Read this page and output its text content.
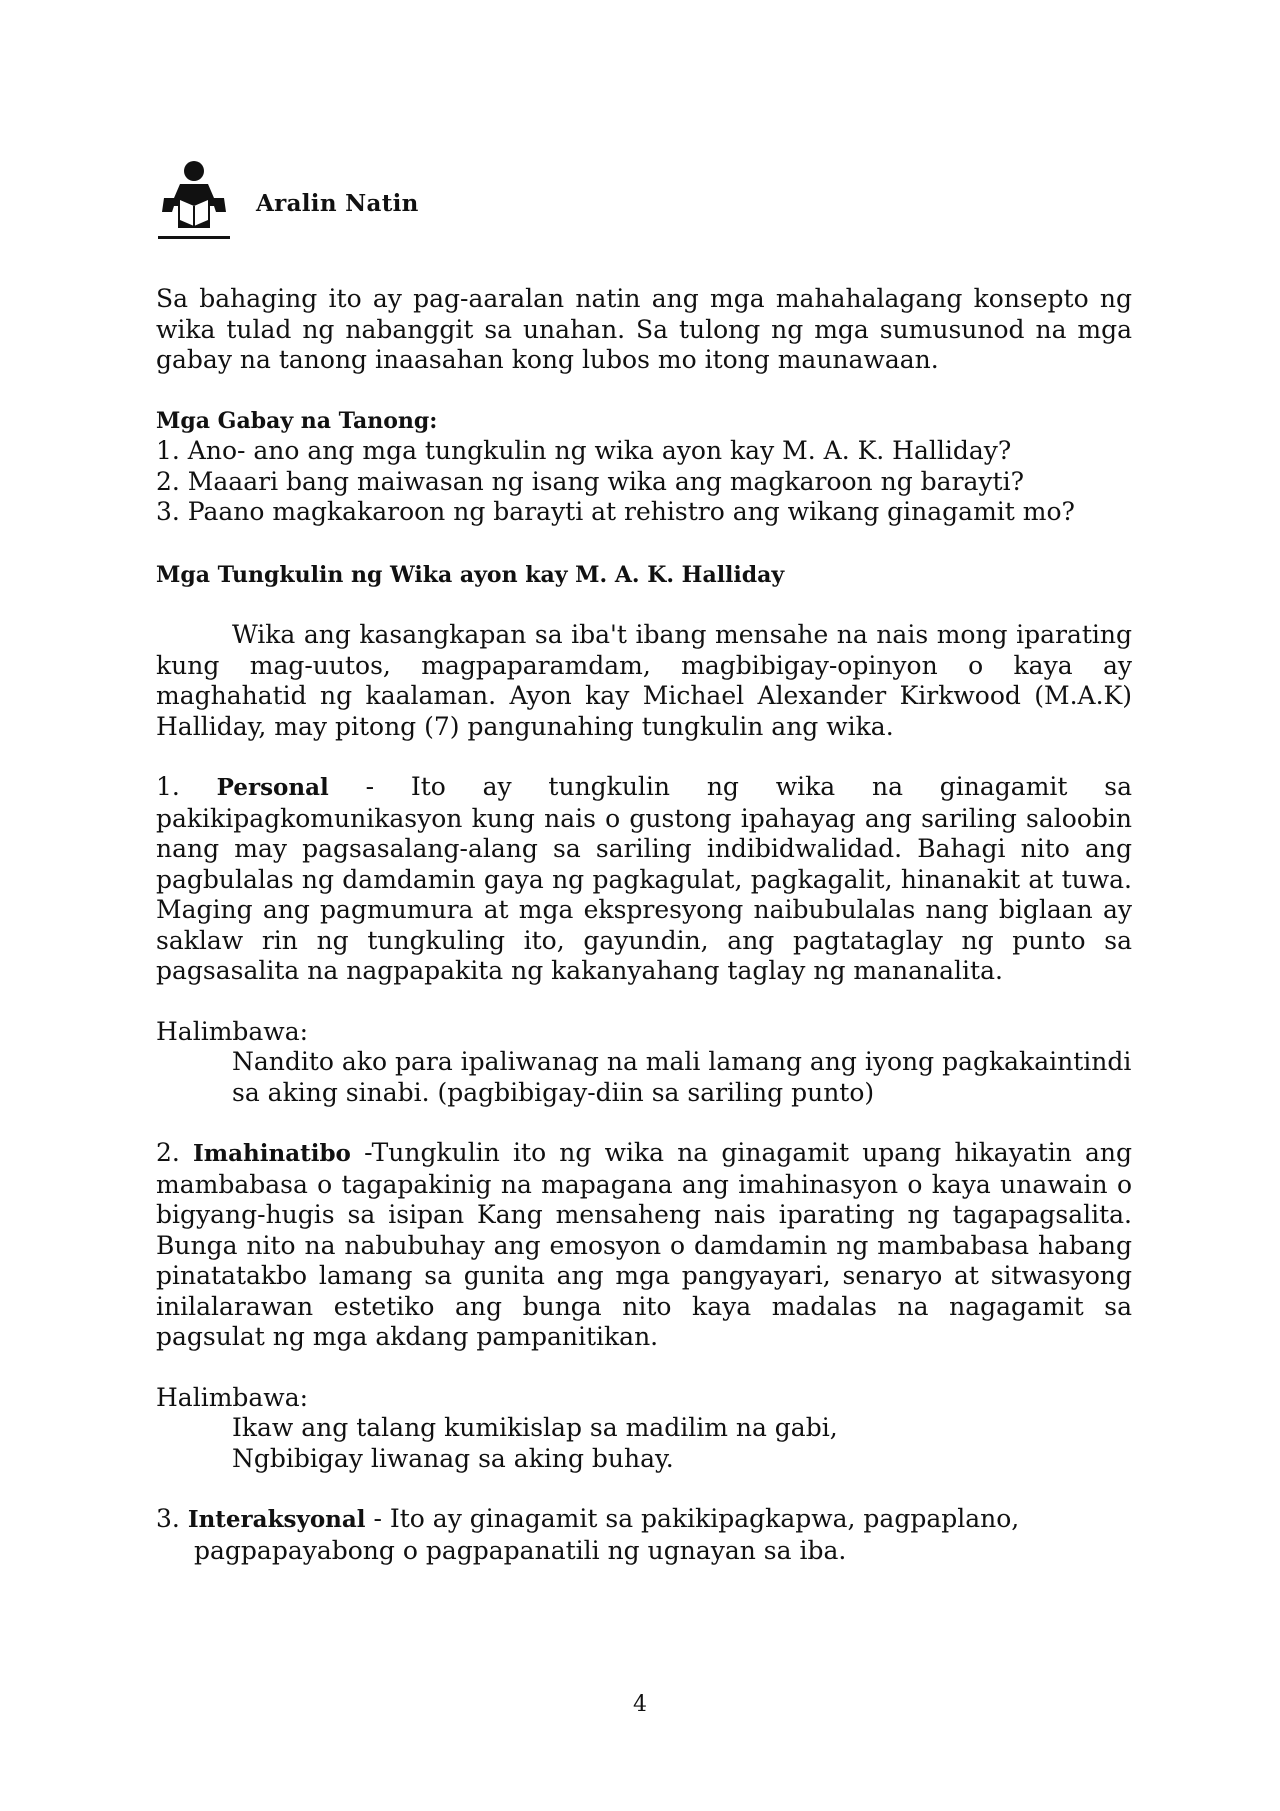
Aralin Natin

Sa bahaging ito ay pag-aaralan natin ang mga mahahalagang konsepto ng wika tulad ng nabanggit sa unahan. Sa tulong ng mga sumusunod na mga gabay na tanong inaasahan kong lubos mo itong maunawaan.

Mga Gabay na Tanong:

1. Ano- ano ang mga tungkulin ng wika ayon kay M. A. K. Halliday?
2. Maaari bang maiwasan ng isang wika ang magkaroon ng barayti?
3. Paano magkakaroon ng barayti at rehistro ang wikang ginagamit mo?

Mga Tungkulin ng Wika ayon kay M. A. K. Halliday

Wika ang kasangkapan sa iba't ibang mensahe na nais mong iparating kung mag-uutos, magpaparamdam, magbibigay-opinyon o kaya ay maghahatid ng kaalaman. Ayon kay Michael Alexander Kirkwood (M.A.K) Halliday, may pitong (7) pangunahing tungkulin ang wika.

1. Personal - Ito ay tungkulin ng wika na ginagamit sa pakikipagkomunikasyon kung nais o gustong ipahayag ang sariling saloobin nang may pagsasalang-alang sa sariling indibidwalidad. Bahagi nito ang pagbulalas ng damdamin gaya ng pagkagulat, pagkagalit, hinanakit at tuwa. Maging ang pagmumura at mga ekspresyong naibubulalas nang biglaan ay saklaw rin ng tungkuling ito, gayundin, ang pagtataglay ng punto sa pagsasalita na nagpapakita ng kakanyahang taglay ng mananalita.

Halimbawa:

Nandito ako para ipaliwanag na mali lamang ang iyong pagkakaintindi sa aking sinabi. (pagbibigay-diin sa sariling punto)

2. Imahinatibo -Tungkulin ito ng wika na ginagamit upang hikayatin ang mambabasa o tagapakinig na mapagana ang imahinasyon o kaya unawain o bigyang-hugis sa isipan Kang mensaheng nais iparating ng tagapagsalita. Bunga nito na nabubuhay ang emosyon o damdamin ng mambabasa habang pinatatakbo lamang sa gunita ang mga pangyayari, senaryo at sitwasyong inilalarawan estetiko ang bunga nito kaya madalas na nagagamit sa pagsulat ng mga akdang pampanitikan.

Halimbawa:

Ikaw ang talang kumikislap sa madilim na gabi,

Ngbibigay liwanag sa aking buhay.

3. Interaksyonal - Ito ay ginagamit sa pakikipagkapwa, pagpaplano, pagpapayabong o pagpapanatili ng ugnayan sa iba.

4
